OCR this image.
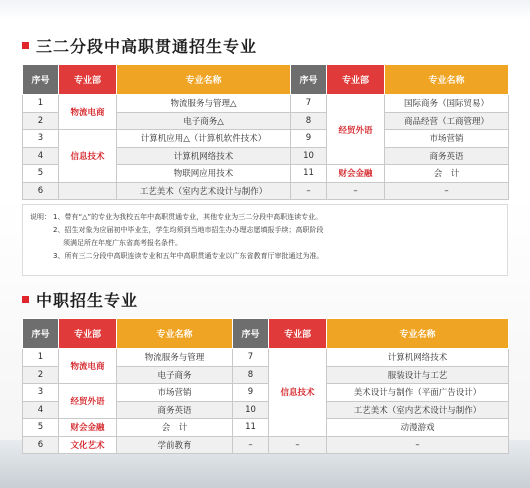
三二分段中高职贯通招生专业
序号	专业部	专业名称	序号	专业部	专业名称
1	物流电商	物流服务与管理△	7	经贸外语	国际商务（国际贸易）
2		电子商务△	8		商品经营（工商管理）
3	信息技术	计算机应用△（计算机软件技术）	9		市场营销
4		计算机网络技术	10		商务英语
5		物联网应用技术	11	财会金融	会　计
6		工艺美术（室内艺术设计与制作）	–	–	–
说明： 1、带有“△”的专业为我校五年中高职贯通专业，其他专业为三二分段中高职连读专业。
2、招生对象为应届初中毕业生，学生均须到当地市招生办办理志愿填报手续；高职阶段
须满足所在年度广东省高考报名条件。
3、所有三二分段中高职连读专业和五年中高职贯通专业以广东省教育厅审批通过为准。
中职招生专业
序号	专业部	专业名称	序号	专业部	专业名称
1	物流电商	物流服务与管理	7	信息技术	计算机网络技术
2		电子商务	8		服装设计与工艺
3	经贸外语	市场营销	9		美术设计与制作（平面广告设计）
4		商务英语	10		工艺美术（室内艺术设计与制作）
5	财会金融	会　计	11		动漫游戏
6	文化艺术	学前教育	–	–	–
